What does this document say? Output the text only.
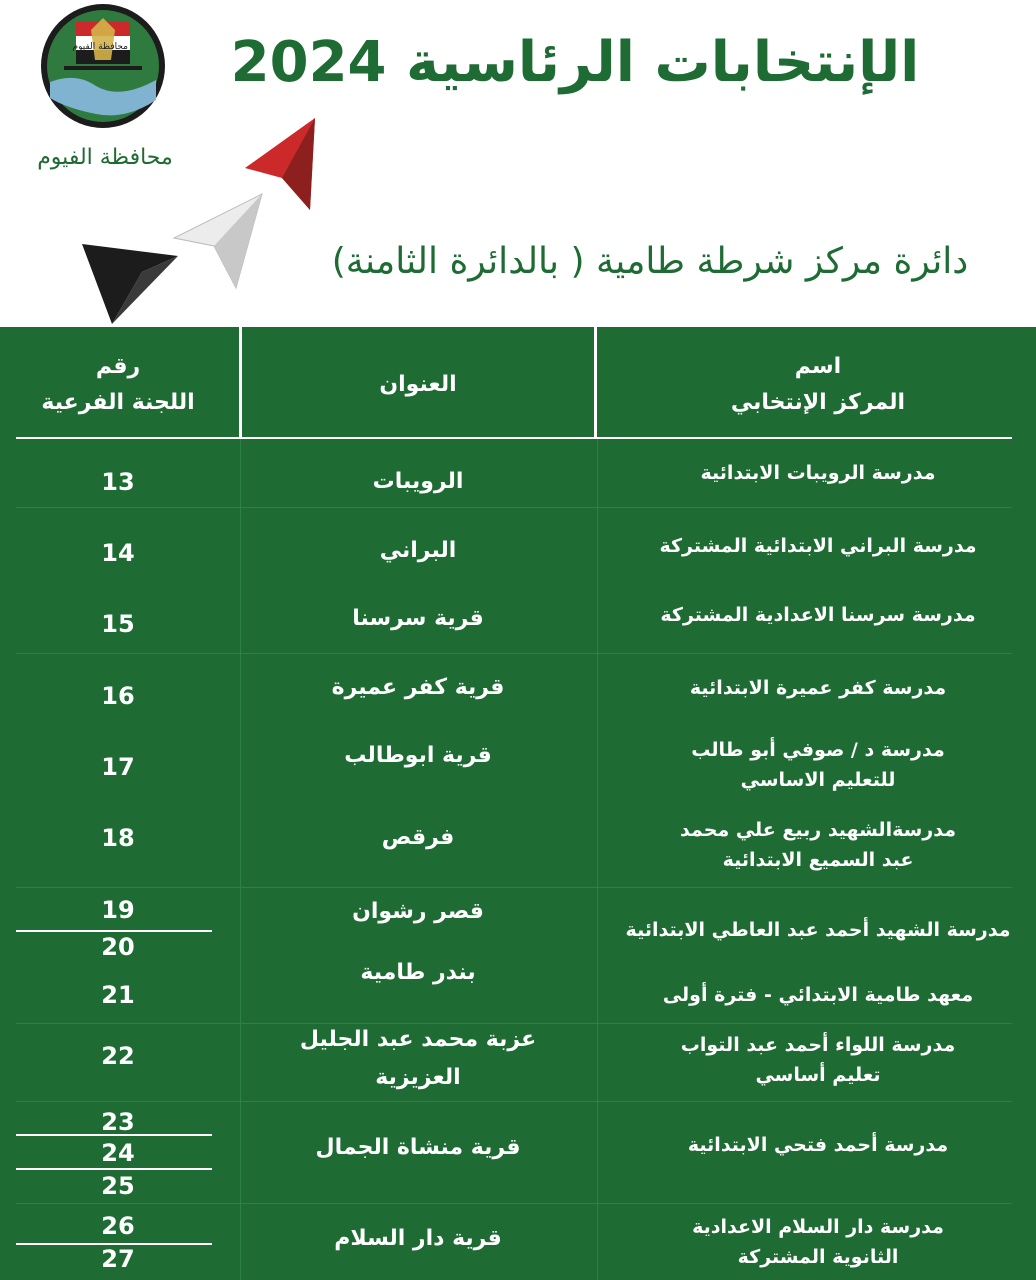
الإنتخابات الرئاسية 2024
دائرة مركز شرطة طامية ( بالدائرة الثامنة)
محافظة الفيوم
محافظة الفيوم
اسم
المركز الإنتخابي
العنوان
رقم
اللجنة الفرعية
مدرسة الرويبات الابتدائية
مدرسة البراني الابتدائية المشتركة
مدرسة سرسنا الاعدادية المشتركة
مدرسة كفر عميرة الابتدائية
مدرسة د / صوفي أبو طالب
للتعليم الاساسي
مدرسةالشهيد ربيع علي محمد
عبد السميع الابتدائية
مدرسة الشهيد أحمد عبد العاطي الابتدائية
معهد طامية الابتدائي - فترة أولى
مدرسة اللواء أحمد عبد التواب
تعليم أساسي
مدرسة أحمد فتحي الابتدائية
مدرسة دار السلام الاعدادية
الثانوية المشتركة
الرويبات
البراني
قرية سرسنا
قرية كفر عميرة
قرية ابوطالب
فرقص
قصر رشوان
بندر طامية
عزبة محمد عبد الجليل
العزيزية
قرية منشاة الجمال
قرية دار السلام
13
14
15
16
17
18
19
20
21
22
23
24
25
26
27
